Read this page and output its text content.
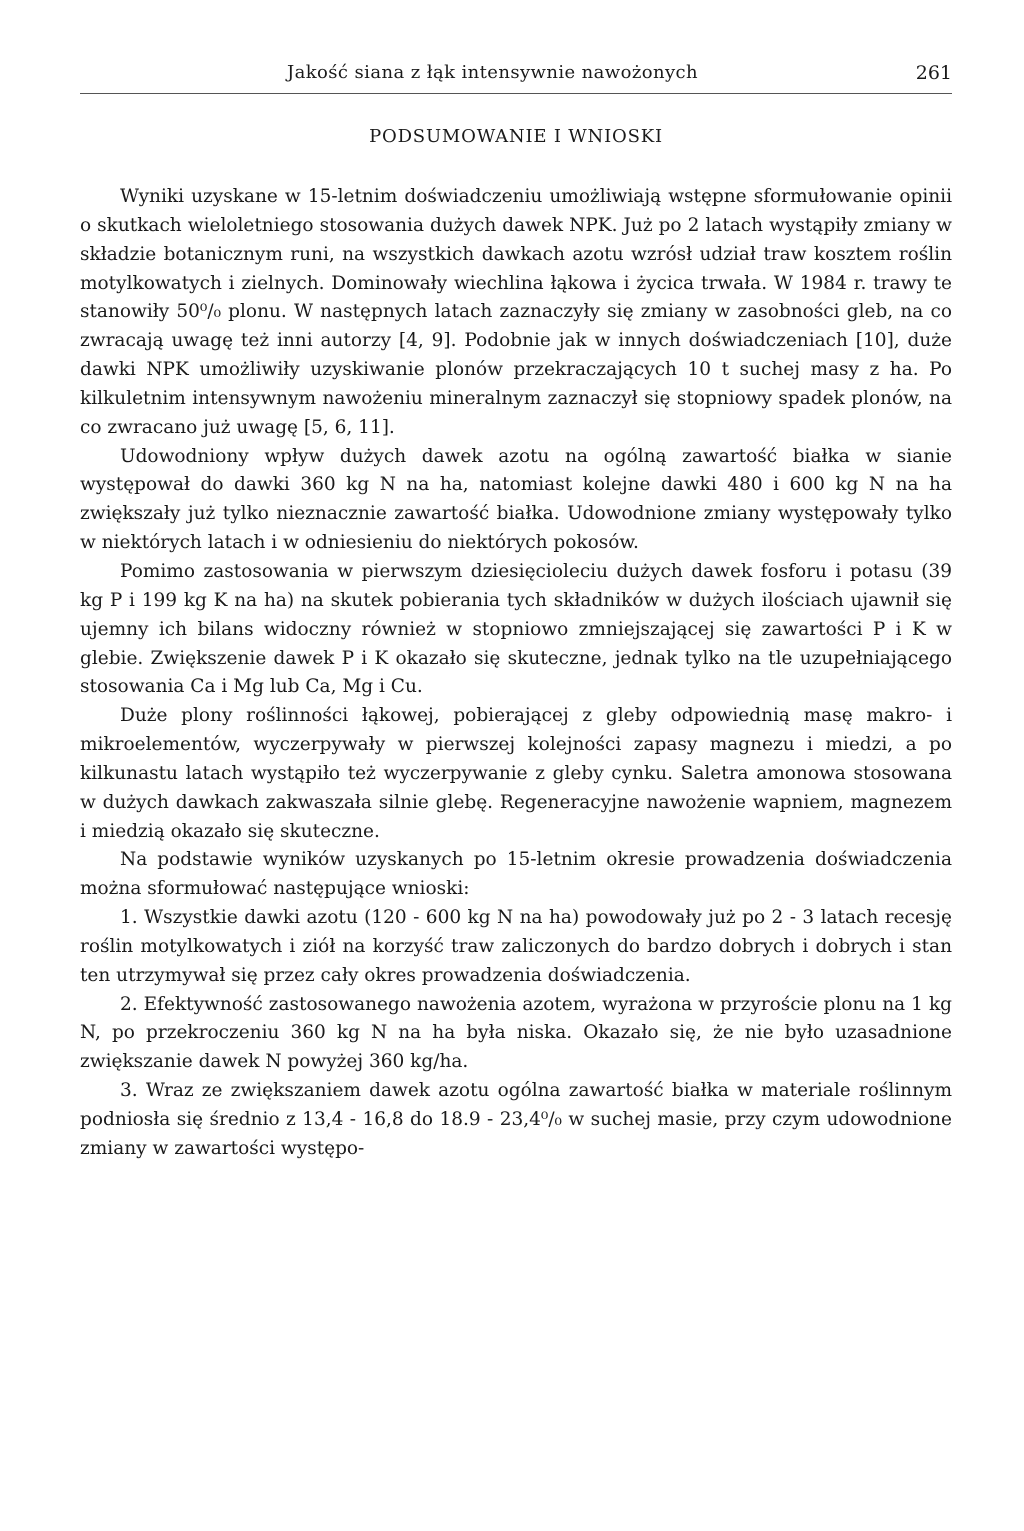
Jakość siana z łąk intensywnie nawożonych	261
PODSUMOWANIE I WNIOSKI

Wyniki uzyskane w 15-letnim doświadczeniu umożliwiają wstępne sformułowanie opinii o skutkach wieloletniego stosowania dużych dawek NPK. Już po 2 latach wystąpiły zmiany w składzie botanicznym runi, na wszystkich dawkach azotu wzrósł udział traw kosztem roślin motylkowatych i zielnych. Dominowały wiechlina łąkowa i życica trwała. W 1984 r. trawy te stanowiły 50⁰/₀ plonu. W następnych latach zaznaczyły się zmiany w zasobności gleb, na co zwracają uwagę też inni autorzy [4, 9]. Podobnie jak w innych doświadczeniach [10], duże dawki NPK umożliwiły uzyskiwanie plonów przekraczających 10 t suchej masy z ha. Po kilkuletnim intensywnym nawożeniu mineralnym zaznaczył się stopniowy spadek plonów, na co zwracano już uwagę [5, 6, 11].

Udowodniony wpływ dużych dawek azotu na ogólną zawartość białka w sianie występował do dawki 360 kg N na ha, natomiast kolejne dawki 480 i 600 kg N na ha zwiększały już tylko nieznacznie zawartość białka. Udowodnione zmiany występowały tylko w niektórych latach i w odniesieniu do niektórych pokosów.

Pomimo zastosowania w pierwszym dziesięcioleciu dużych dawek fosforu i potasu (39 kg P i 199 kg K na ha) na skutek pobierania tych składników w dużych ilościach ujawnił się ujemny ich bilans widoczny również w stopniowo zmniejszającej się zawartości P i K w glebie. Zwiększenie dawek P i K okazało się skuteczne, jednak tylko na tle uzupełniającego stosowania Ca i Mg lub Ca, Mg i Cu.

Duże plony roślinności łąkowej, pobierającej z gleby odpowiednią masę makro- i mikroelementów, wyczerpywały w pierwszej kolejności zapasy magnezu i miedzi, a po kilkunastu latach wystąpiło też wyczerpywanie z gleby cynku. Saletra amonowa stosowana w dużych dawkach zakwaszała silnie glebę. Regeneracyjne nawożenie wapniem, magnezem i miedzią okazało się skuteczne.

Na podstawie wyników uzyskanych po 15-letnim okresie prowadzenia doświadczenia można sformułować następujące wnioski:

1. Wszystkie dawki azotu (120 - 600 kg N na ha) powodowały już po 2 - 3 latach recesję roślin motylkowatych i ziół na korzyść traw zaliczonych do bardzo dobrych i dobrych i stan ten utrzymywał się przez cały okres prowadzenia doświadczenia.

2. Efektywność zastosowanego nawożenia azotem, wyrażona w przyroście plonu na 1 kg N, po przekroczeniu 360 kg N na ha była niska. Okazało się, że nie było uzasadnione zwiększanie dawek N powyżej 360 kg/ha.

3. Wraz ze zwiększaniem dawek azotu ogólna zawartość białka w materiale roślinnym podniosła się średnio z 13,4 - 16,8 do 18.9 - 23,4⁰/₀ w suchej masie, przy czym udowodnione zmiany w zawartości występo-
